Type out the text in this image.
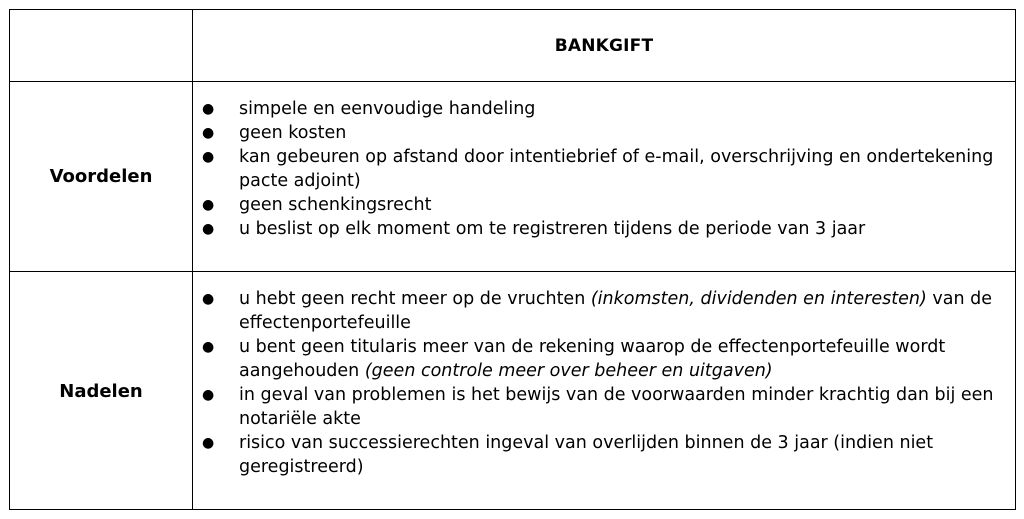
BANKGIFT
Voordelen
Nadelen
● simpele en eenvoudige handeling
● geen kosten
● kan gebeuren op afstand door intentiebrief of e-mail, overschrijving en ondertekening pacte adjoint)
● geen schenkingsrecht
● u beslist op elk moment om te registreren tijdens de periode van 3 jaar
● u hebt geen recht meer op de vruchten (inkomsten, dividenden en interesten) van de effectenportefeuille
● u bent geen titularis meer van de rekening waarop de effectenportefeuille wordt aangehouden (geen controle meer over beheer en uitgaven)
● in geval van problemen is het bewijs van de voorwaarden minder krachtig dan bij een notariële akte
● risico van successierechten ingeval van overlijden binnen de 3 jaar (indien niet geregistreerd)
